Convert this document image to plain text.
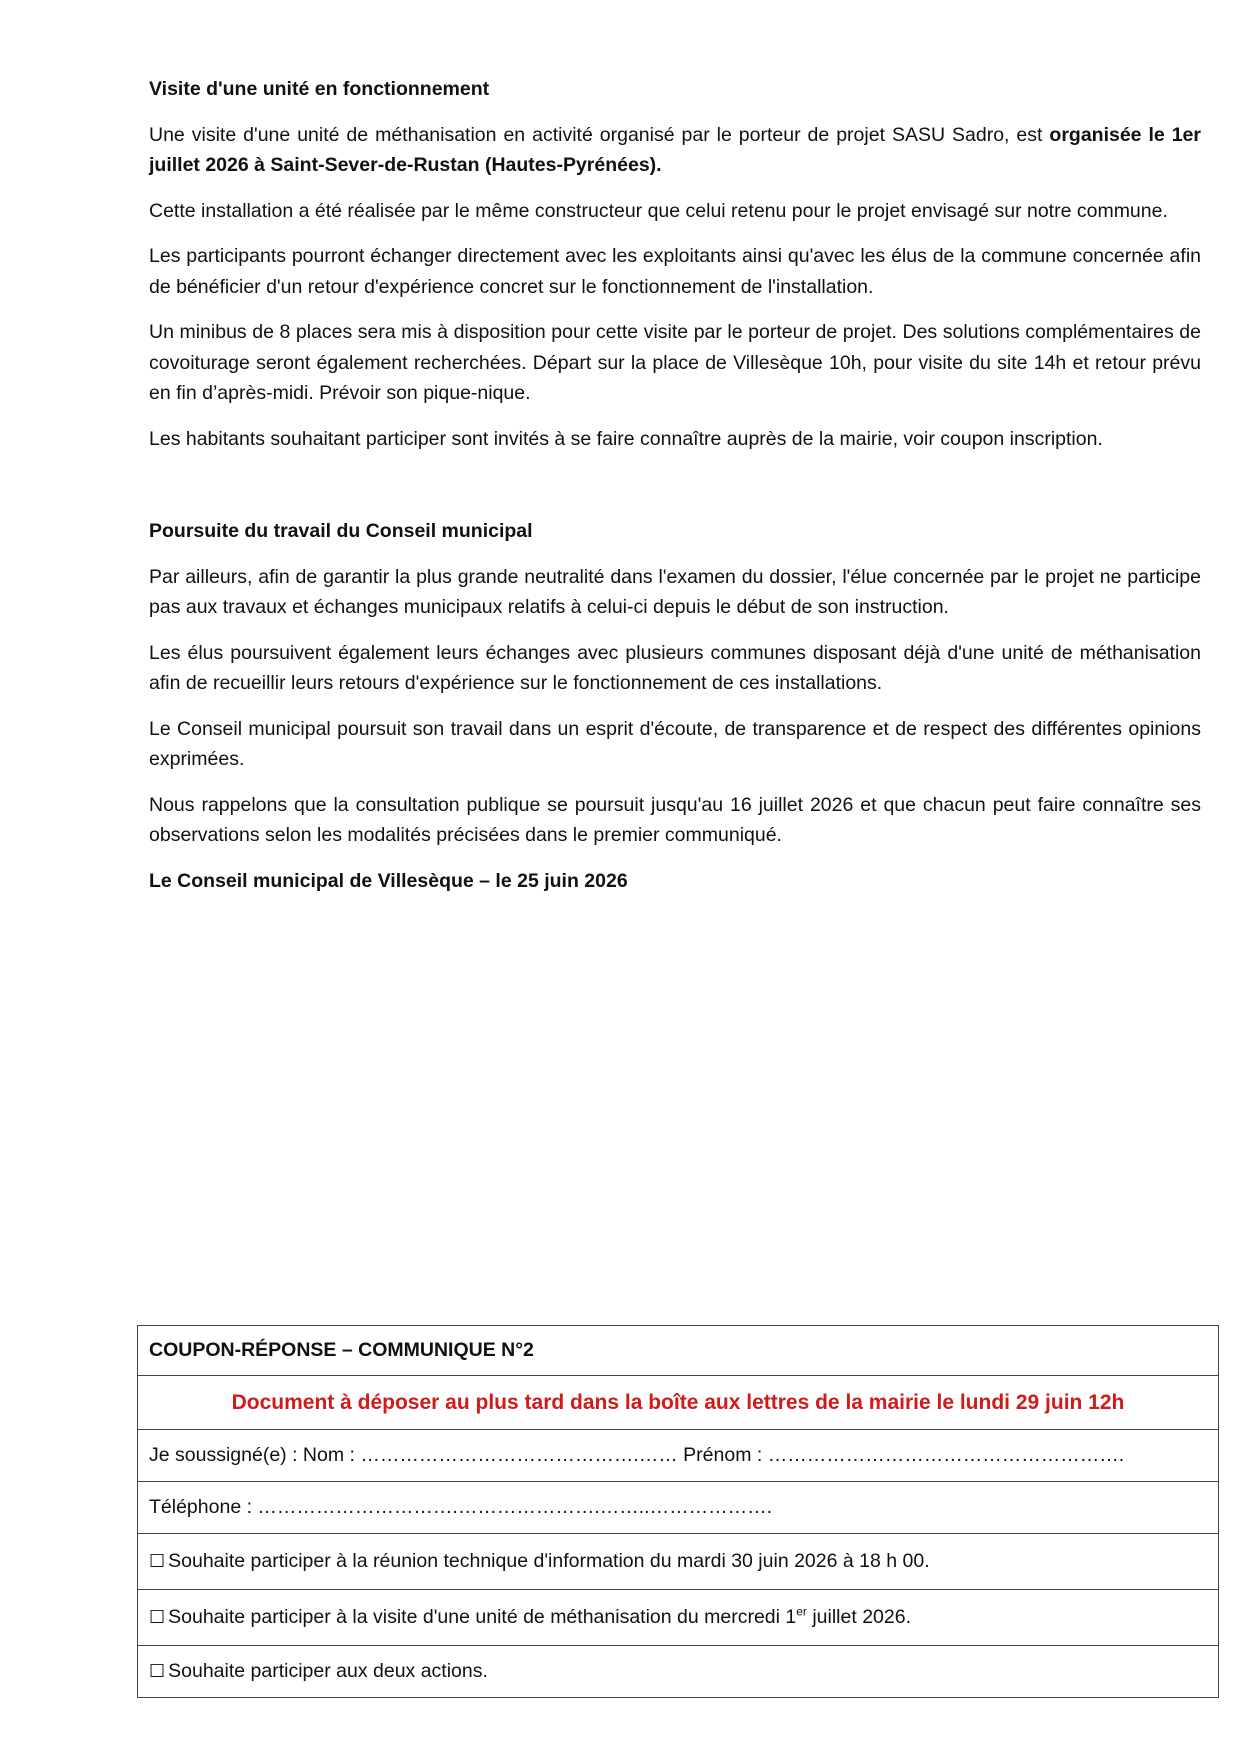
Visite d'une unité en fonctionnement

Une visite d'une unité de méthanisation en activité organisé par le porteur de projet SASU Sadro, est organisée le 1er juillet 2026 à Saint-Sever-de-Rustan (Hautes-Pyrénées).

Cette installation a été réalisée par le même constructeur que celui retenu pour le projet envisagé sur notre commune.

Les participants pourront échanger directement avec les exploitants ainsi qu'avec les élus de la commune concernée afin de bénéficier d'un retour d'expérience concret sur le fonctionnement de l'installation.

Un minibus de 8 places sera mis à disposition pour cette visite par le porteur de projet. Des solutions complémentaires de covoiturage seront également recherchées. Départ sur la place de Villesèque 10h, pour visite du site 14h et retour prévu en fin d’après-midi. Prévoir son pique-nique.

Les habitants souhaitant participer sont invités à se faire connaître auprès de la mairie, voir coupon inscription.

Poursuite du travail du Conseil municipal

Par ailleurs, afin de garantir la plus grande neutralité dans l'examen du dossier, l'élue concernée par le projet ne participe pas aux travaux et échanges municipaux relatifs à celui-ci depuis le début de son instruction.

Les élus poursuivent également leurs échanges avec plusieurs communes disposant déjà d'une unité de méthanisation afin de recueillir leurs retours d'expérience sur le fonctionnement de ces installations.

Le Conseil municipal poursuit son travail dans un esprit d'écoute, de transparence et de respect des différentes opinions exprimées.

Nous rappelons que la consultation publique se poursuit jusqu'au 16 juillet 2026 et que chacun peut faire connaître ses observations selon les modalités précisées dans le premier communiqué.

Le Conseil municipal de Villesèque – le 25 juin 2026
COUPON-RÉPONSE – COMMUNIQUE N°2
Document à déposer au plus tard dans la boîte aux lettres de la mairie le lundi 29 juin 12h
Je soussigné(e) : Nom : …………………………………….…… Prénom : ……………………………………………….
Téléphone : ………………………….………………….……..……………….
☐ Souhaite participer à la réunion technique d'information du mardi 30 juin 2026 à 18 h 00.
☐ Souhaite participer à la visite d'une unité de méthanisation du mercredi 1er juillet 2026.
☐ Souhaite participer aux deux actions.
